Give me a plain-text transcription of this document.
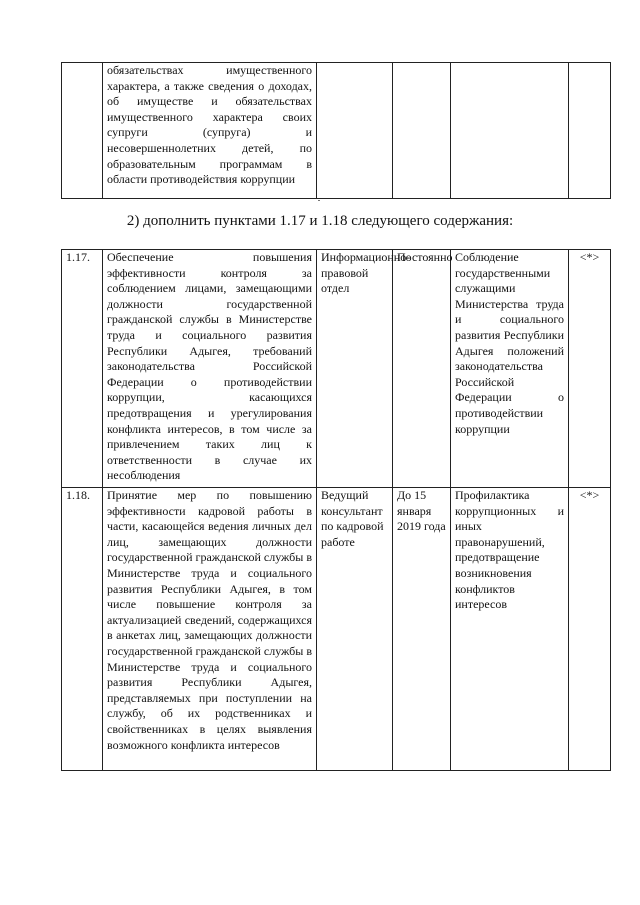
	обязательствах имущественного характера, а также сведения о доходах, об имуществе и обязательствах имущественного характера своих супруги (супруга) и несовершеннолетних детей, по образовательным программам в области противодействия коррупции				
2) дополнить пунктами 1.17 и 1.18 следующего содержания:
1.17.	Обеспечение повышения эффективности контроля за соблюдением лицами, замещающими должности государственной гражданской службы в Министерстве труда и социального развития Республики Адыгея, требований законодательства Российской Федерации о противодействии коррупции, касающихся предотвращения и урегулирования конфликта интересов, в том числе за привлечением таких лиц к ответственности в случае их несоблюдения	Информационно-правовой отдел	Постоянно	Соблюдение государственными служащими Министерства труда и социального развития Республики Адыгея положений законодательства Российской Федерации о противодействии коррупции	<*>
1.18.	Принятие мер по повышению эффективности кадровой работы в части, касающейся ведения личных дел лиц, замещающих должности государственной гражданской службы в Министерстве труда и социального развития Республики Адыгея, в том числе повышение контроля за актуализацией сведений, содержащихся в анкетах лиц, замещающих должности государственной гражданской службы в Министерстве труда и социального развития Республики Адыгея, представляемых при поступлении на службу, об их родственниках и свойственниках в целях выявления возможного конфликта интересов	Ведущий консультант по кадровой работе	До 15 января 2019 года	Профилактика коррупционных и иных правонарушений, предотвращение возникновения конфликтов интересов	<*>
